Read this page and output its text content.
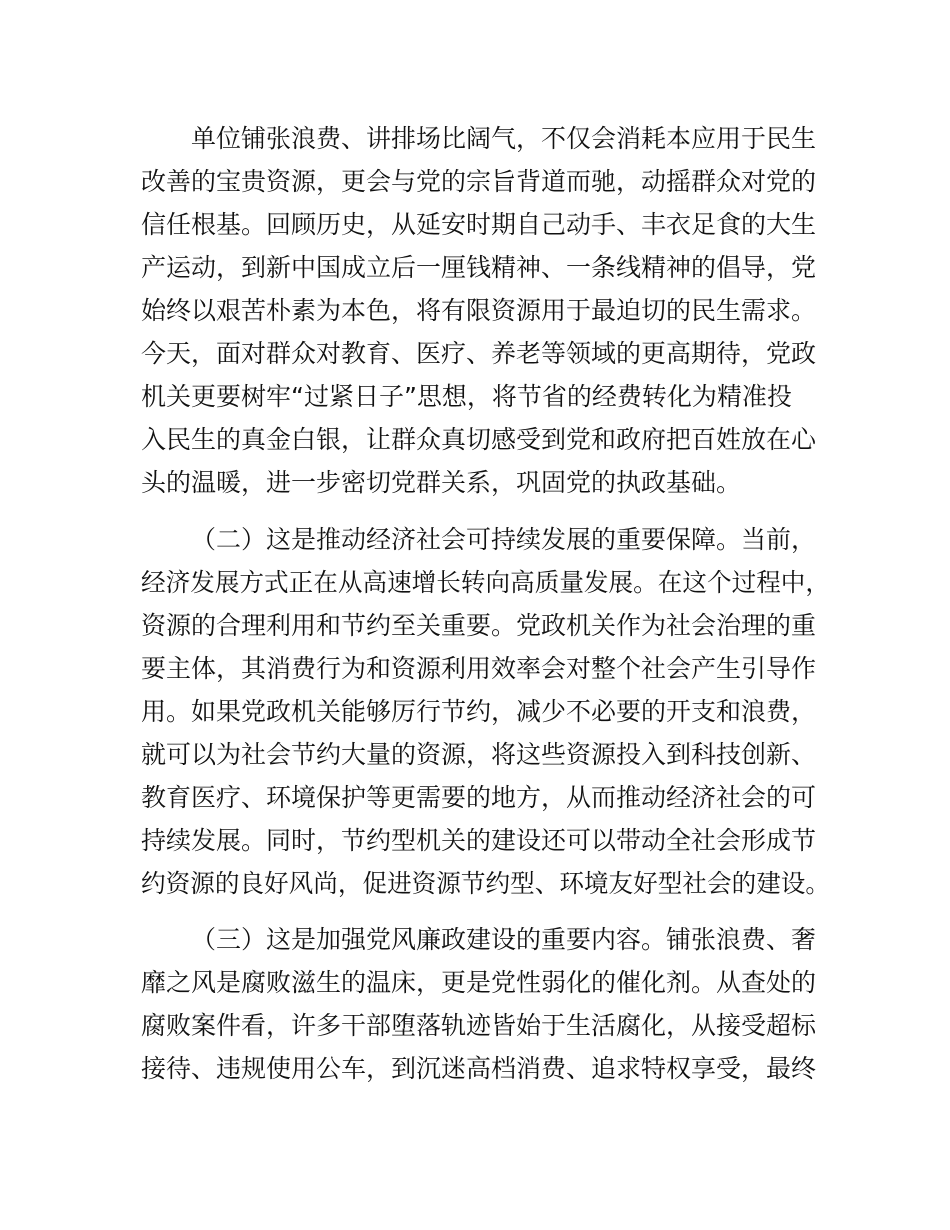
单位铺张浪费、讲排场比阔气，不仅会消耗本应用于民生

改善的宝贵资源，更会与党的宗旨背道而驰，动摇群众对党的

信任根基。回顾历史，从延安时期自己动手、丰衣足食的大生

产运动，到新中国成立后一厘钱精神、一条线精神的倡导，党

始终以艰苦朴素为本色，将有限资源用于最迫切的民生需求。

今天，面对群众对教育、医疗、养老等领域的更高期待，党政

机关更要树牢“过紧日子”思想，将节省的经费转化为精准投

入民生的真金白银，让群众真切感受到党和政府把百姓放在心

头的温暖，进一步密切党群关系，巩固党的执政基础。

（二）这是推动经济社会可持续发展的重要保障。当前，

经济发展方式正在从高速增长转向高质量发展。在这个过程中，

资源的合理利用和节约至关重要。党政机关作为社会治理的重

要主体，其消费行为和资源利用效率会对整个社会产生引导作

用。如果党政机关能够厉行节约，减少不必要的开支和浪费，

就可以为社会节约大量的资源，将这些资源投入到科技创新、

教育医疗、环境保护等更需要的地方，从而推动经济社会的可

持续发展。同时，节约型机关的建设还可以带动全社会形成节

约资源的良好风尚，促进资源节约型、环境友好型社会的建设。

（三）这是加强党风廉政建设的重要内容。铺张浪费、奢

靡之风是腐败滋生的温床，更是党性弱化的催化剂。从查处的

腐败案件看，许多干部堕落轨迹皆始于生活腐化，从接受超标

接待、违规使用公车，到沉迷高档消费、追求特权享受，最终
